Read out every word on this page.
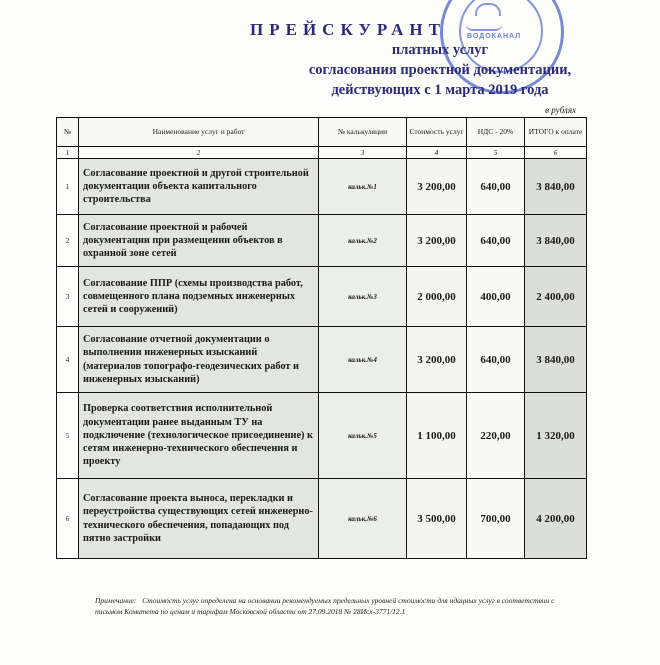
ВОДОКАНАЛ
ПРЕЙСКУРАНТ
платных услуг
согласования проектной документации,
действующих с 1 марта 2019 года
в рублях
№	Наименование услуг и работ	№ калькуляции	Стоимость услуг	НДС - 20%	ИТОГО к оплате
1	2	3	4	5	6
1	Согласование проектной и другой строительной документации объекта капитального строительства	кальк.№1	3 200,00	640,00	3 840,00
2	Согласование проектной и рабочей документации при размещении объектов в охранной зоне сетей	кальк.№2	3 200,00	640,00	3 840,00
3	Согласование ППР (схемы производства работ, совмещенного плана подземных инженерных сетей и сооружений)	кальк.№3	2 000,00	400,00	2 400,00
4	Согласование отчетной документации о выполнении инженерных изысканий (материалов топографо-геодезических работ и инженерных изысканий)	кальк.№4	3 200,00	640,00	3 840,00
5	Проверка соответствия исполнительной документации ранее выданным ТУ на подключение (технологическое присоединение) к сетям инженерно-технического обеспечения и проекту	кальк.№5	1 100,00	220,00	1 320,00
6	Согласование проекта выноса, перекладки и переустройства существующих сетей инженерно-технического обеспечения, попадающих под пятно застройки	кальк.№6	3 500,00	700,00	4 200,00
Примечание: Стоимость услуг определена на основании рекомендуемых предельных уровней стоимости для ндацных услуг в соответствии с письмом Комитета по ценам и тарифам Московской области от 27.09.2018 № 28Исх-3771/12.1
